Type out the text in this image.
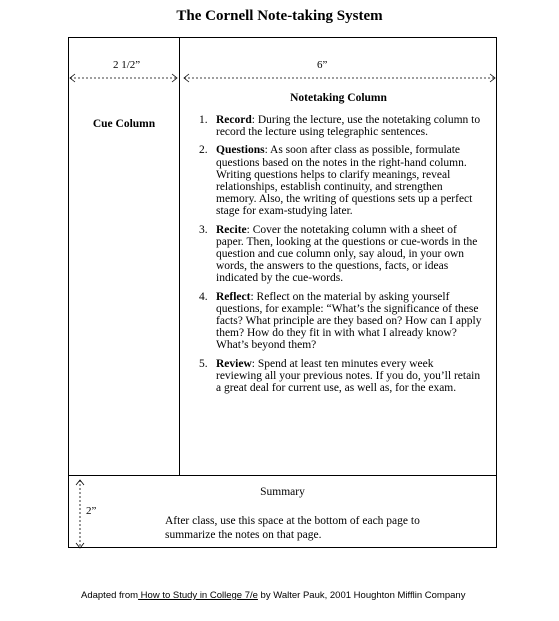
The Cornell Note-taking System
2 1/2”	6”
2”
Cue Column
Notetaking Column
1. Record: During the lecture, use the notetaking column to record the lecture using telegraphic sentences.
2. Questions: As soon after class as possible, formulate questions based on the notes in the right-hand column. Writing questions helps to clarify meanings, reveal relationships, establish continuity, and strengthen memory. Also, the writing of questions sets up a perfect stage for exam-studying later.
3. Recite: Cover the notetaking column with a sheet of paper. Then, looking at the questions or cue-words in the question and cue column only, say aloud, in your own words, the answers to the questions, facts, or ideas indicated by the cue-words.
4. Reflect: Reflect on the material by asking yourself questions, for example: “What’s the significance of these facts? What principle are they based on? How can I apply them? How do they fit in with what I already know? What’s beyond them?
5. Review: Spend at least ten minutes every week reviewing all your previous notes. If you do, you’ll retain a great deal for current use, as well as, for the exam.
Summary
After class, use this space at the bottom of each page to summarize the notes on that page.
Adapted from How to Study in College 7/e by Walter Pauk, 2001 Houghton Mifflin Company
